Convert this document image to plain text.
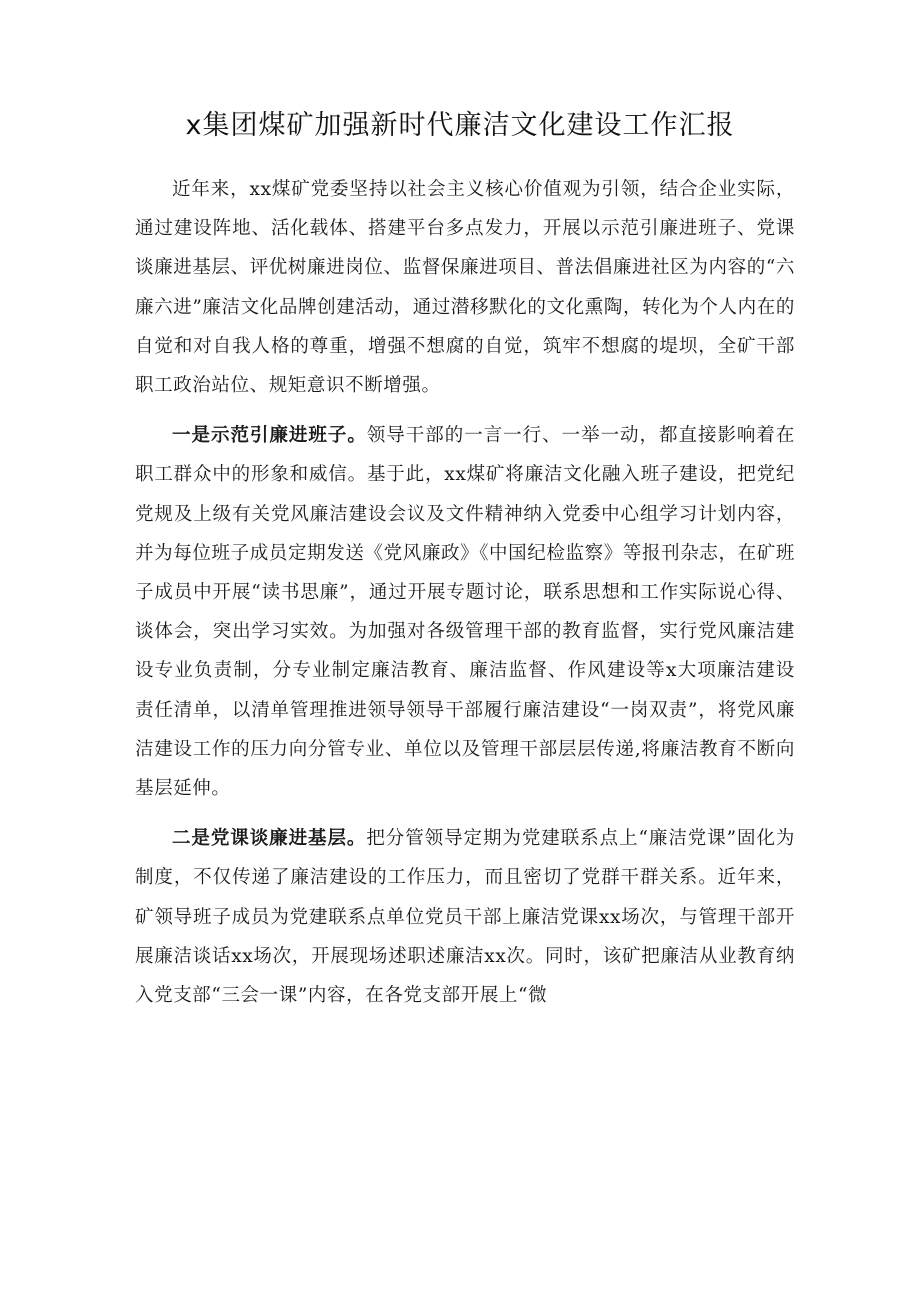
x集团煤矿加强新时代廉洁文化建设工作汇报

近年来，xx煤矿党委坚持以社会主义核心价值观为引领，结合企业实际，通过建设阵地、活化载体、搭建平台多点发力，开展以示范引廉进班子、党课谈廉进基层、评优树廉进岗位、监督保廉进项目、普法倡廉进社区为内容的“六廉六进”廉洁文化品牌创建活动，通过潜移默化的文化熏陶，转化为个人内在的自觉和对自我人格的尊重，增强不想腐的自觉，筑牢不想腐的堤坝，全矿干部职工政治站位、规矩意识不断增强。

一是示范引廉进班子。领导干部的一言一行、一举一动，都直接影响着在职工群众中的形象和威信。基于此，xx煤矿将廉洁文化融入班子建设，把党纪党规及上级有关党风廉洁建设会议及文件精神纳入党委中心组学习计划内容，并为每位班子成员定期发送《党风廉政》《中国纪检监察》等报刊杂志，在矿班子成员中开展“读书思廉”，通过开展专题讨论，联系思想和工作实际说心得、谈体会，突出学习实效。为加强对各级管理干部的教育监督，实行党风廉洁建设专业负责制，分专业制定廉洁教育、廉洁监督、作风建设等x大项廉洁建设责任清单，以清单管理推进领导领导干部履行廉洁建设“一岗双责”，将党风廉洁建设工作的压力向分管专业、单位以及管理干部层层传递,将廉洁教育不断向基层延伸。

二是党课谈廉进基层。把分管领导定期为党建联系点上“廉洁党课”固化为制度，不仅传递了廉洁建设的工作压力，而且密切了党群干群关系。近年来，矿领导班子成员为党建联系点单位党员干部上廉洁党课xx场次，与管理干部开展廉洁谈话xx场次，开展现场述职述廉洁xx次。同时，该矿把廉洁从业教育纳入党支部“三会一课”内容，在各党支部开展上“微
